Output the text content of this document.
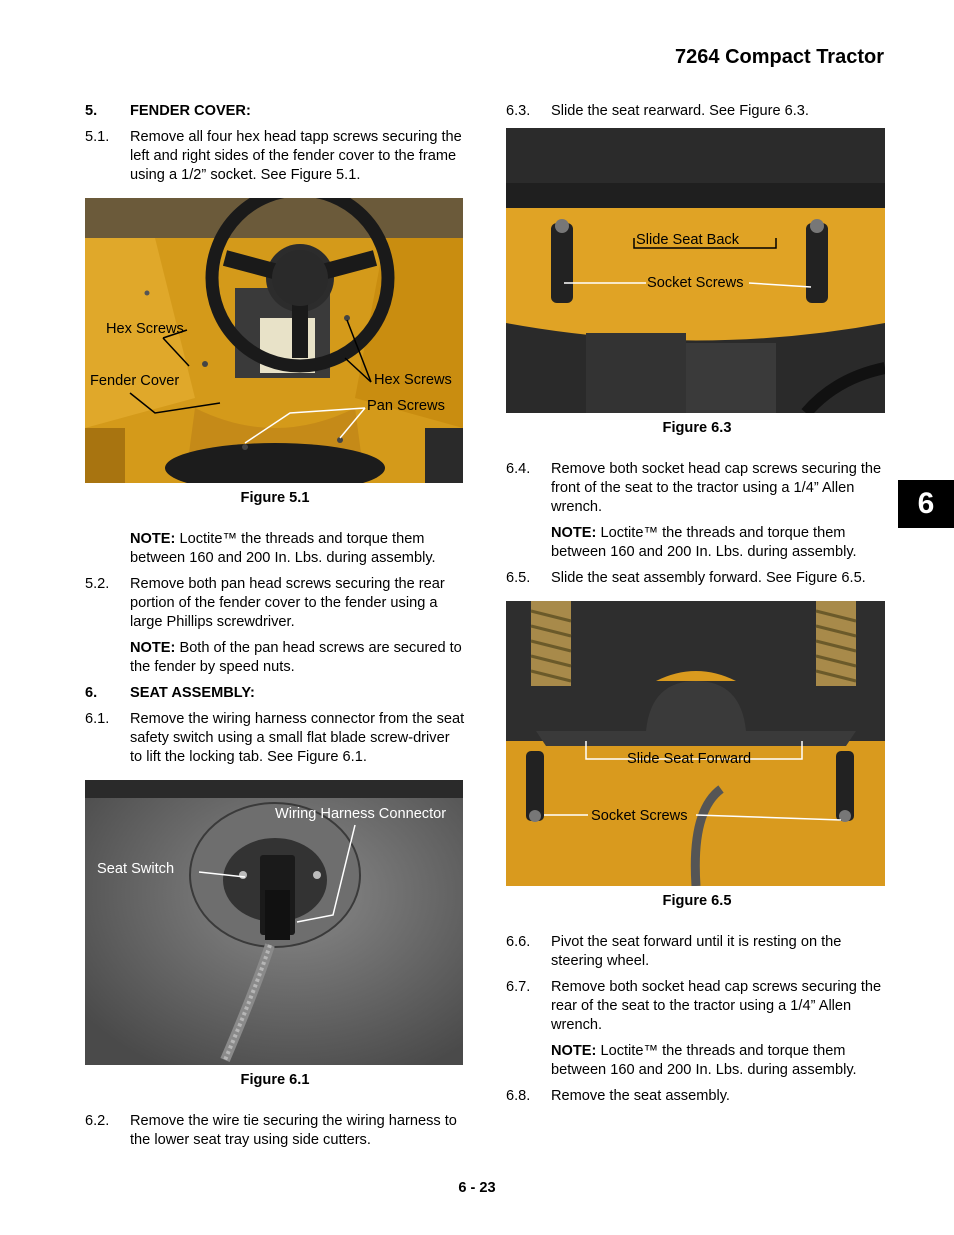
7264 Compact Tractor
5. FENDER COVER:
5.1. Remove all four hex head tapp screws securing the left and right sides of the fender cover to the frame using a 1/2” socket. See Figure 5.1.
Hex Screws
Fender Cover	Hex Screws
Pan Screws
Figure 5.1
NOTE: Loctite™ the threads and torque them between 160 and 200 In. Lbs. during assembly.
5.2. Remove both pan head screws securing the rear portion of the fender cover to the fender using a large Phillips screwdriver.
NOTE: Both of the pan head screws are secured to the fender by speed nuts.
6. SEAT ASSEMBLY:
6.1. Remove the wiring harness connector from the seat safety switch using a small flat blade screw-driver to lift the locking tab. See Figure 6.1.
Wiring Harness Connector
Seat Switch
Figure 6.1
6.2. Remove the wire tie securing the wiring harness to the lower seat tray using side cutters.
6.3. Slide the seat rearward. See Figure 6.3.
Slide Seat Back
Socket Screws
Figure 6.3
6.4. Remove both socket head cap screws securing the front of the seat to the tractor using a 1/4” Allen wrench.
NOTE: Loctite™ the threads and torque them between 160 and 200 In. Lbs. during assembly.
6.5. Slide the seat assembly forward. See Figure 6.5.
Slide Seat Forward
Socket Screws
Figure 6.5
6.6. Pivot the seat forward until it is resting on the steering wheel.
6.7. Remove both socket head cap screws securing the rear of the seat to the tractor using a 1/4” Allen wrench.
NOTE: Loctite™ the threads and torque them between 160 and 200 In. Lbs. during assembly.
6.8. Remove the seat assembly.
6
6 - 23
